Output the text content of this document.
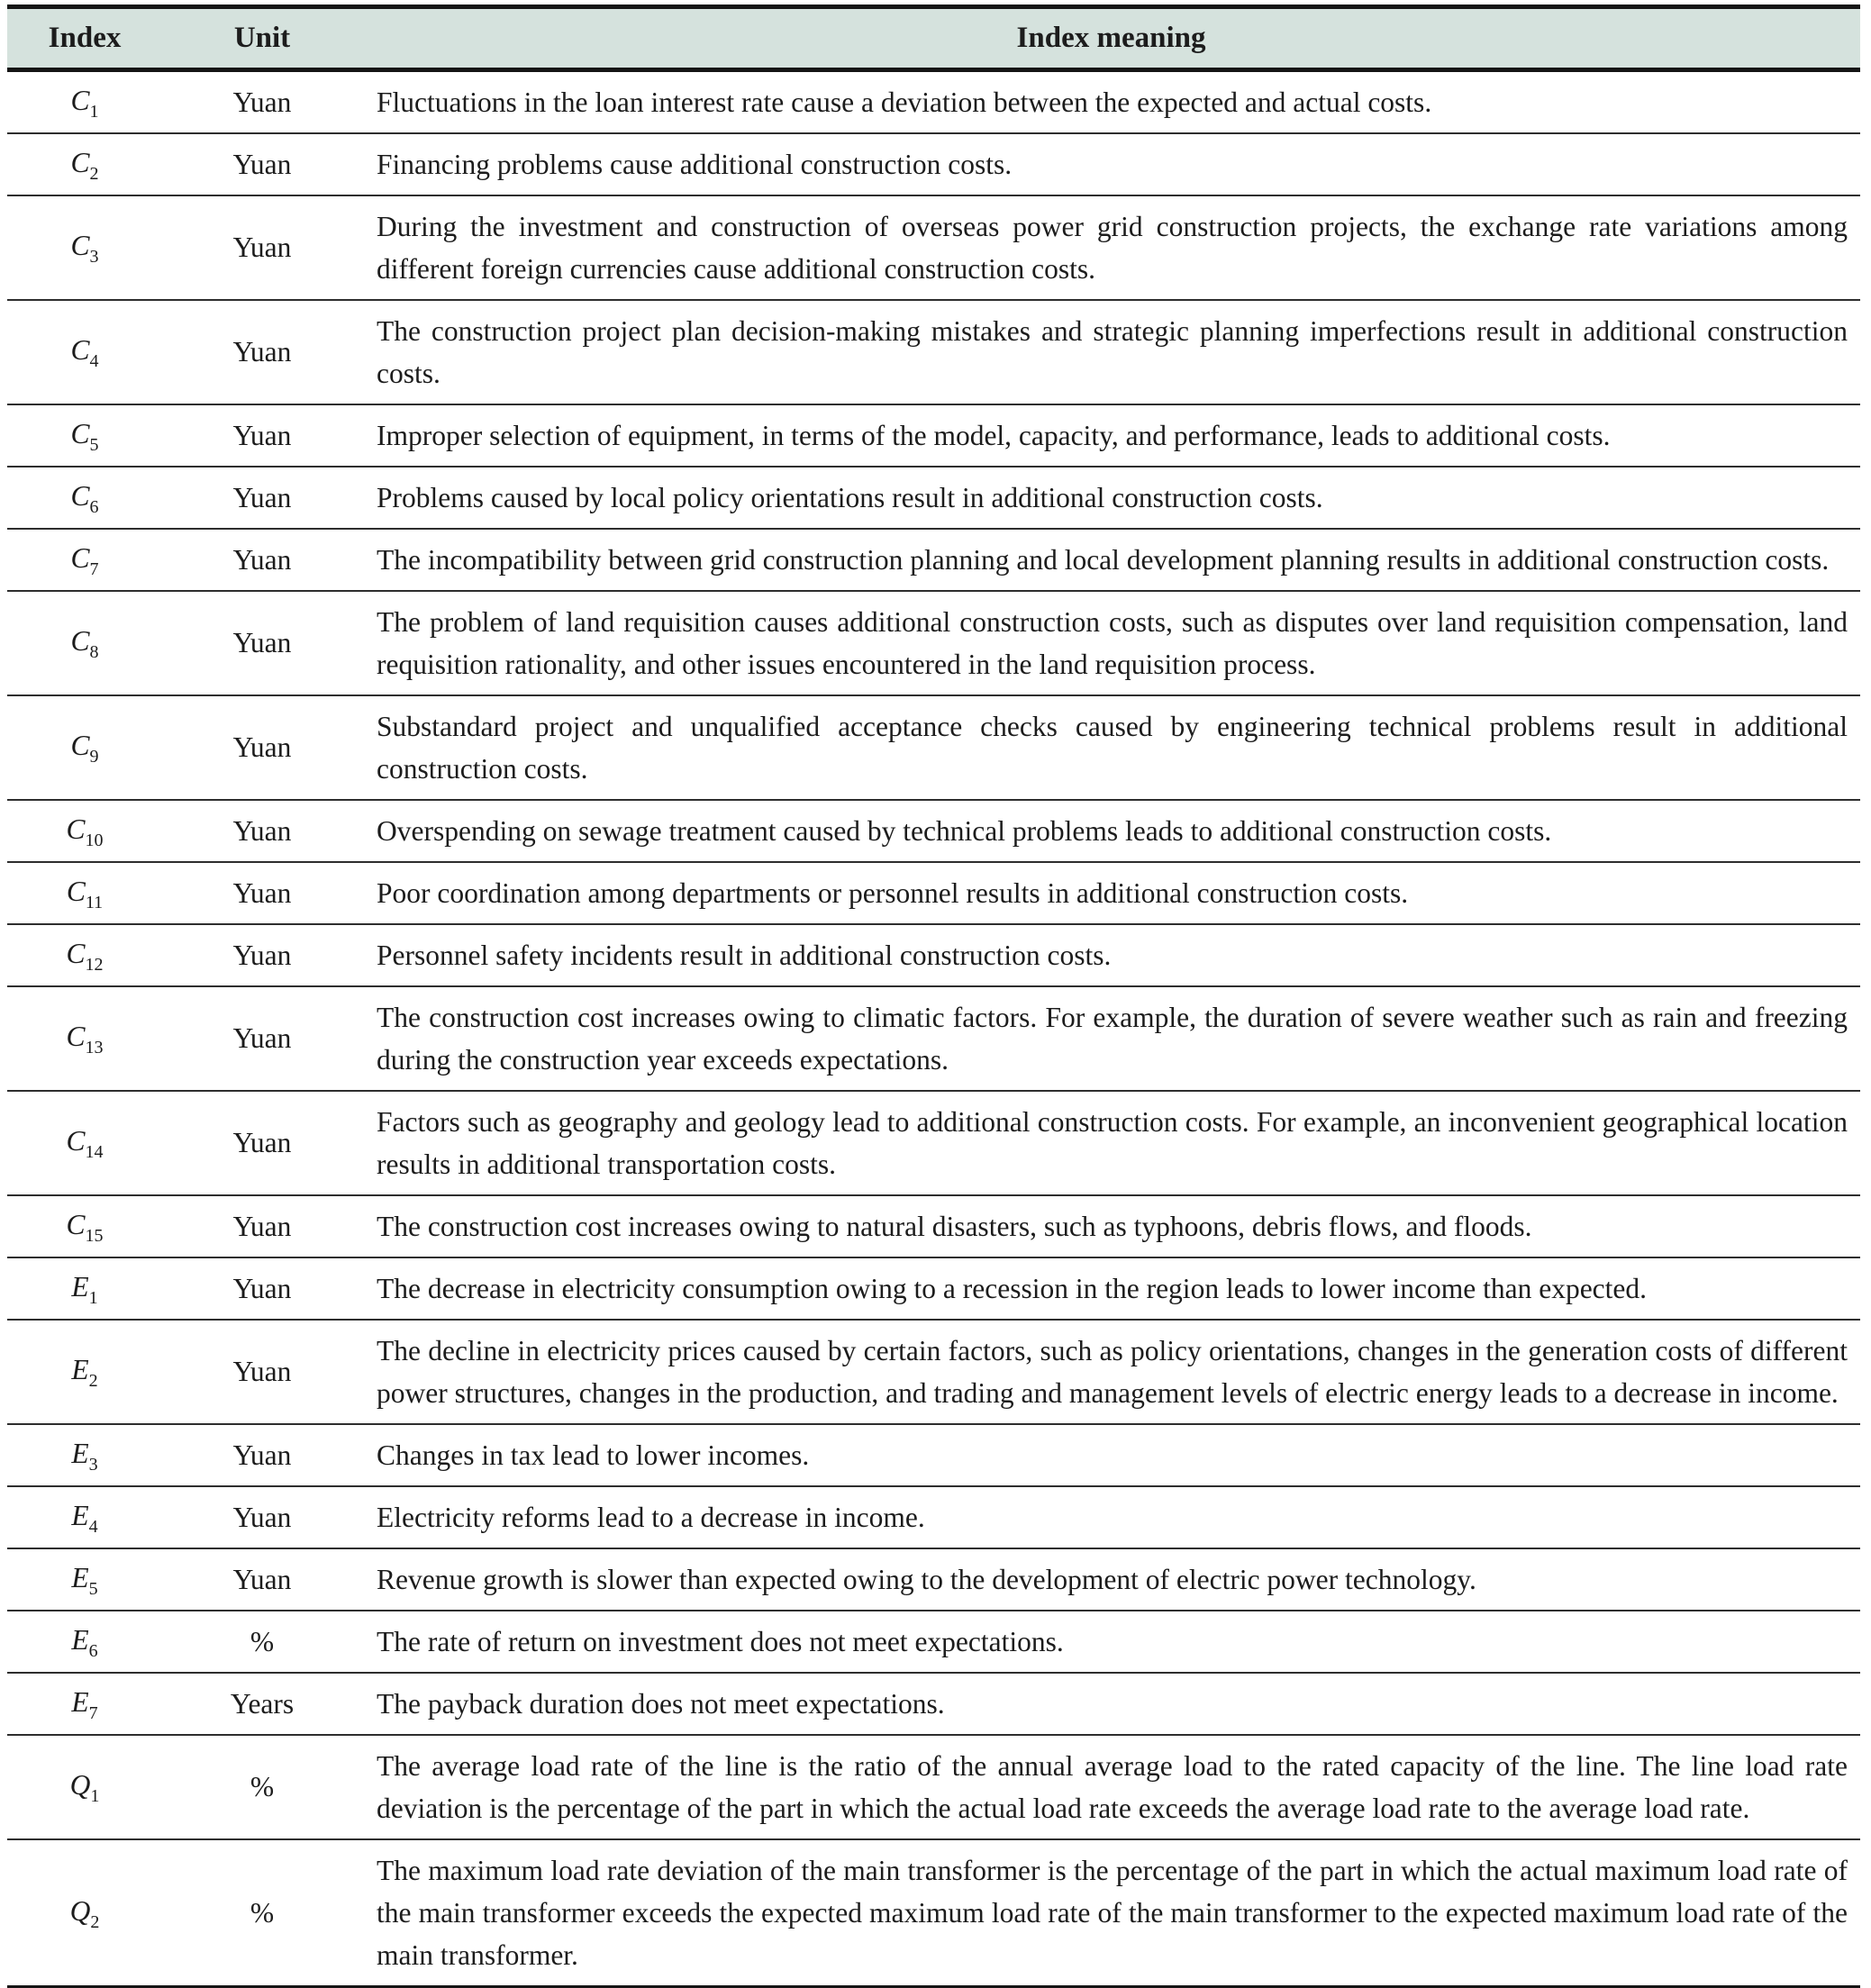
Index	Unit	Index meaning
$C_1$	Yuan	Fluctuations in the loan interest rate cause a deviation between the expected and actual costs.
$C_2$	Yuan	Financing problems cause additional construction costs.
$C_3$	Yuan	During the investment and construction of overseas power grid construction projects, the exchange rate variations among different foreign currencies cause additional construction costs.
$C_4$	Yuan	The construction project plan decision-making mistakes and strategic planning imperfections result in additional construction costs.
$C_5$	Yuan	Improper selection of equipment, in terms of the model, capacity, and performance, leads to additional costs.
$C_6$	Yuan	Problems caused by local policy orientations result in additional construction costs.
$C_7$	Yuan	The incompatibility between grid construction planning and local development planning results in additional construction costs.
$C_8$	Yuan	The problem of land requisition causes additional construction costs, such as disputes over land requisition compensation, land requisition rationality, and other issues encountered in the land requisition process.
$C_9$	Yuan	Substandard project and unqualified acceptance checks caused by engineering technical problems result in additional construction costs.
$C_{10}$	Yuan	Overspending on sewage treatment caused by technical problems leads to additional construction costs.
$C_{11}$	Yuan	Poor coordination among departments or personnel results in additional construction costs.
$C_{12}$	Yuan	Personnel safety incidents result in additional construction costs.
$C_{13}$	Yuan	The construction cost increases owing to climatic factors. For example, the duration of severe weather such as rain and freezing during the construction year exceeds expectations.
$C_{14}$	Yuan	Factors such as geography and geology lead to additional construction costs. For example, an inconvenient geographical location results in additional transportation costs.
$C_{15}$	Yuan	The construction cost increases owing to natural disasters, such as typhoons, debris flows, and floods.
$E_1$	Yuan	The decrease in electricity consumption owing to a recession in the region leads to lower income than expected.
$E_2$	Yuan	The decline in electricity prices caused by certain factors, such as policy orientations, changes in the generation costs of different power structures, changes in the production, and trading and management levels of electric energy leads to a decrease in income.
$E_3$	Yuan	Changes in tax lead to lower incomes.
$E_4$	Yuan	Electricity reforms lead to a decrease in income.
$E_5$	Yuan	Revenue growth is slower than expected owing to the development of electric power technology.
$E_6$	%	The rate of return on investment does not meet expectations.
$E_7$	Years	The payback duration does not meet expectations.
$Q_1$	%	The average load rate of the line is the ratio of the annual average load to the rated capacity of the line. The line load rate deviation is the percentage of the part in which the actual load rate exceeds the average load rate to the average load rate.
$Q_2$	%	The maximum load rate deviation of the main transformer is the percentage of the part in which the actual maximum load rate of the main transformer exceeds the expected maximum load rate of the main transformer to the expected maximum load rate of the main transformer.
